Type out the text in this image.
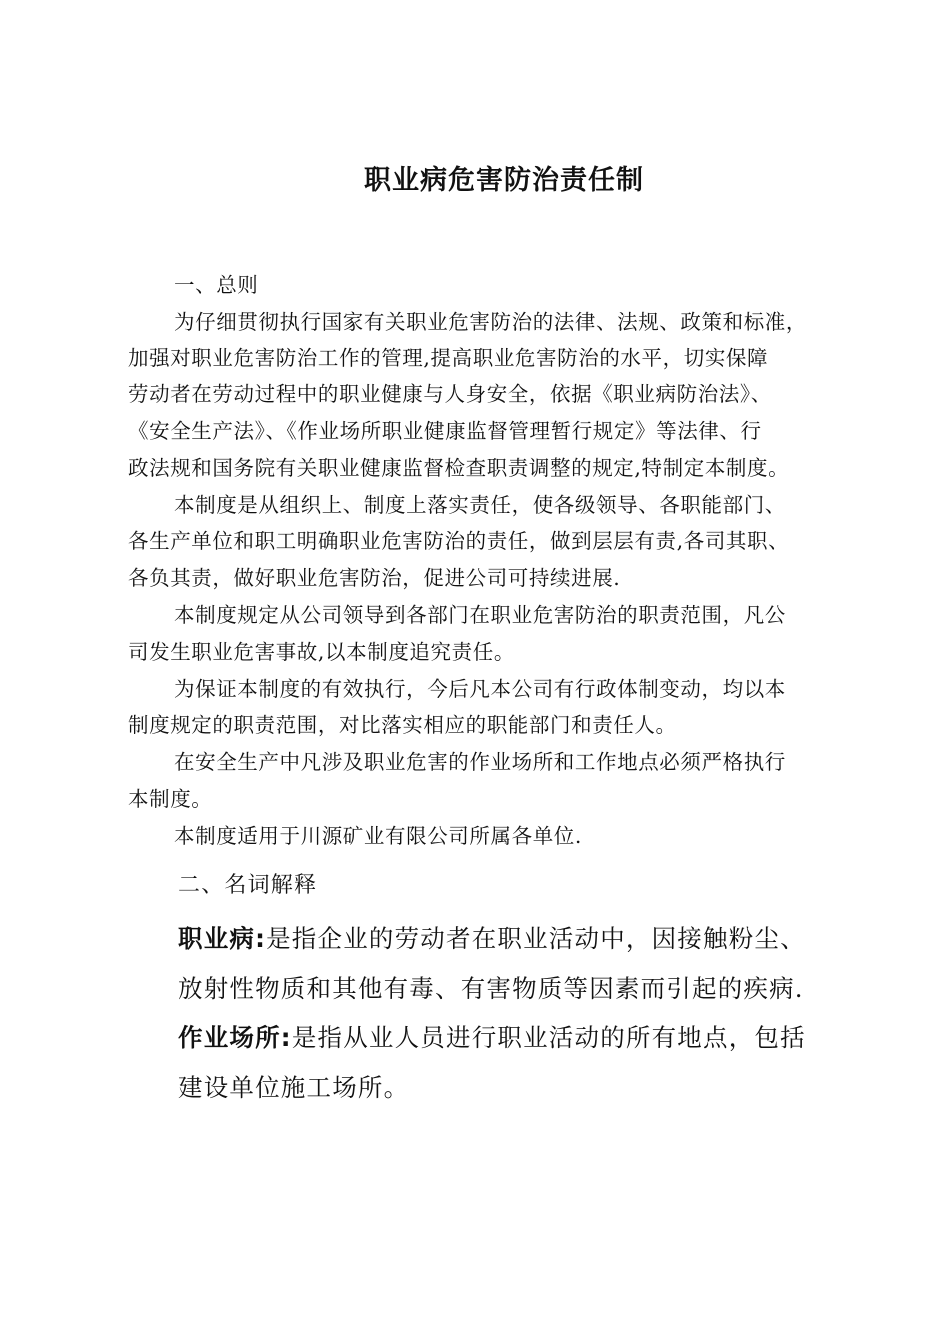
职业病危害防治责任制
一、总则
为仔细贯彻执行国家有关职业危害防治的法律、法规、政策和标准，
加强对职业危害防治工作的管理,提高职业危害防治的水平，切实保障
劳动者在劳动过程中的职业健康与人身安全，依据《职业病防治法》、
《安全生产法》、《作业场所职业健康监督管理暂行规定》等法律、行
政法规和国务院有关职业健康监督检查职责调整的规定,特制定本制度。
本制度是从组织上、制度上落实责任，使各级领导、各职能部门、
各生产单位和职工明确职业危害防治的责任，做到层层有责,各司其职、
各负其责，做好职业危害防治，促进公司可持续进展.
本制度规定从公司领导到各部门在职业危害防治的职责范围，凡公
司发生职业危害事故,以本制度追究责任。
为保证本制度的有效执行，今后凡本公司有行政体制变动，均以本
制度规定的职责范围，对比落实相应的职能部门和责任人。
在安全生产中凡涉及职业危害的作业场所和工作地点必须严格执行
本制度。
本制度适用于川源矿业有限公司所属各单位.
二、名词解释
职业病:是指企业的劳动者在职业活动中，因接触粉尘、
放射性物质和其他有毒、有害物质等因素而引起的疾病.
作业场所:是指从业人员进行职业活动的所有地点，包括
建设单位施工场所。
